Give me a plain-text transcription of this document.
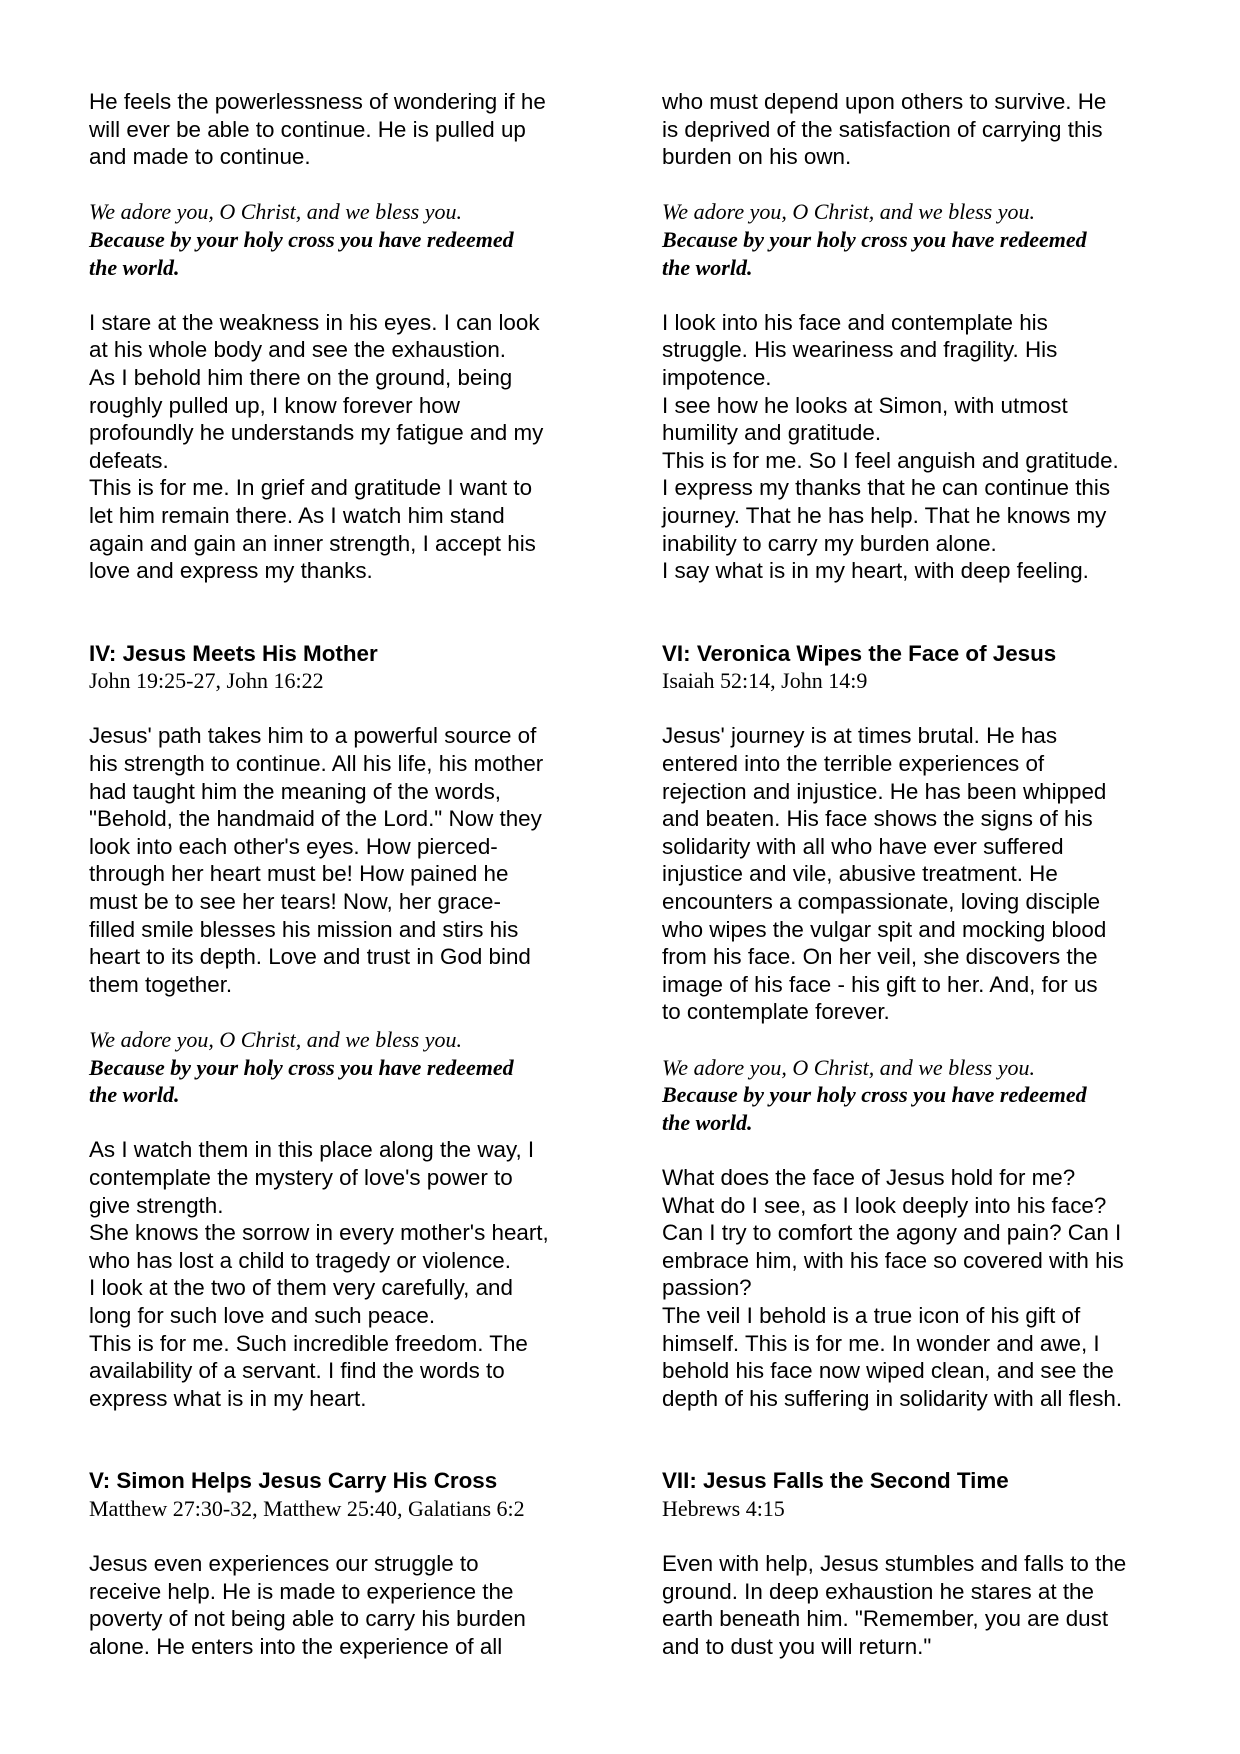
He feels the powerlessness of wondering if he
will ever be able to continue. He is pulled up
and made to continue.

We adore you, O Christ, and we bless you.
Because by your holy cross you have redeemed
the world.

I stare at the weakness in his eyes. I can look
at his whole body and see the exhaustion.
As I behold him there on the ground, being
roughly pulled up, I know forever how
profoundly he understands my fatigue and my
defeats.
This is for me. In grief and gratitude I want to
let him remain there. As I watch him stand
again and gain an inner strength, I accept his
love and express my thanks.

IV: Jesus Meets His Mother

John 19:25-27, John 16:22

Jesus' path takes him to a powerful source of
his strength to continue. All his life, his mother
had taught him the meaning of the words,
"Behold, the handmaid of the Lord." Now they
look into each other's eyes. How pierced-
through her heart must be! How pained he
must be to see her tears! Now, her grace-
filled smile blesses his mission and stirs his
heart to its depth. Love and trust in God bind
them together.

We adore you, O Christ, and we bless you.
Because by your holy cross you have redeemed
the world.

As I watch them in this place along the way, I
contemplate the mystery of love's power to
give strength.
She knows the sorrow in every mother's heart,
who has lost a child to tragedy or violence.
I look at the two of them very carefully, and
long for such love and such peace.
This is for me. Such incredible freedom. The
availability of a servant. I find the words to
express what is in my heart.

V: Simon Helps Jesus Carry His Cross

Matthew 27:30-32, Matthew 25:40, Galatians 6:2

Jesus even experiences our struggle to
receive help. He is made to experience the
poverty of not being able to carry his burden
alone. He enters into the experience of all

who must depend upon others to survive. He
is deprived of the satisfaction of carrying this
burden on his own.

We adore you, O Christ, and we bless you.
Because by your holy cross you have redeemed
the world.

I look into his face and contemplate his
struggle. His weariness and fragility. His
impotence.
I see how he looks at Simon, with utmost
humility and gratitude.
This is for me. So I feel anguish and gratitude.
I express my thanks that he can continue this
journey. That he has help. That he knows my
inability to carry my burden alone.
I say what is in my heart, with deep feeling.

VI: Veronica Wipes the Face of Jesus

Isaiah 52:14, John 14:9

Jesus' journey is at times brutal. He has
entered into the terrible experiences of
rejection and injustice. He has been whipped
and beaten. His face shows the signs of his
solidarity with all who have ever suffered
injustice and vile, abusive treatment. He
encounters a compassionate, loving disciple
who wipes the vulgar spit and mocking blood
from his face. On her veil, she discovers the
image of his face - his gift to her. And, for us
to contemplate forever.

We adore you, O Christ, and we bless you.
Because by your holy cross you have redeemed
the world.

What does the face of Jesus hold for me?
What do I see, as I look deeply into his face?
Can I try to comfort the agony and pain? Can I
embrace him, with his face so covered with his
passion?
The veil I behold is a true icon of his gift of
himself. This is for me. In wonder and awe, I
behold his face now wiped clean, and see the
depth of his suffering in solidarity with all flesh.

VII: Jesus Falls the Second Time

Hebrews 4:15

Even with help, Jesus stumbles and falls to the
ground. In deep exhaustion he stares at the
earth beneath him. "Remember, you are dust
and to dust you will return."
